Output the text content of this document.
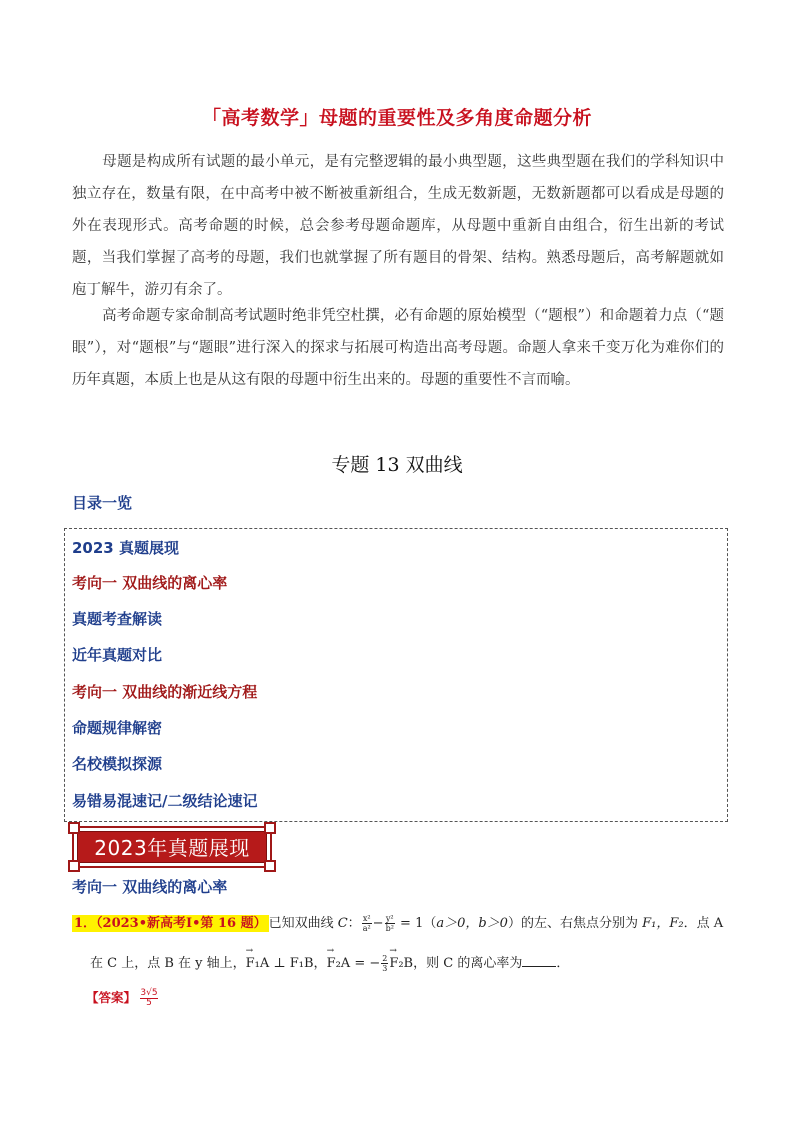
「高考数学」母题的重要性及多角度命题分析
母题是构成所有试题的最小单元，是有完整逻辑的最小典型题，这些典型题在我们的学科知识中独立存在，数量有限，在中高考中被不断被重新组合，生成无数新题，无数新题都可以看成是母题的外在表现形式。高考命题的时候，总会参考母题命题库，从母题中重新自由组合，衍生出新的考试题，当我们掌握了高考的母题，我们也就掌握了所有题目的骨架、结构。熟悉母题后，高考解题就如庖丁解牛，游刃有余了。
高考命题专家命制高考试题时绝非凭空杜撰，必有命题的原始模型（“题根”）和命题着力点（“题眼”），对“题根”与“题眼”进行深入的探求与拓展可构造出高考母题。命题人拿来千变万化为难你们的历年真题，本质上也是从这有限的母题中衍生出来的。母题的重要性不言而喻。
专题 13 双曲线
目录一览
2023 真题展现
考向一 双曲线的离心率
真题考查解读
近年真题对比
考向一 双曲线的渐近线方程
命题规律解密
名校模拟探源
易错易混速记/二级结论速记
2023年真题展现
考向一 双曲线的离心率
1．（2023•新高考Ⅰ•第 16 题） 已知双曲线 C： $\frac{\text{x²}}{\text{a²}} - \frac{\text{y²}}{\text{b²}} = 1(a>0$，b＞0）的左、右焦点分别为 F₁，F₂．点 A
在 C 上，点 B 在 y 轴上，→ F₁A ⊥ F₁B，→ F₂A = − $\frac{2}{3}$
→ F₂B，则 C 的离心率为	．
【答案】 $\frac{3√5}{5}$
